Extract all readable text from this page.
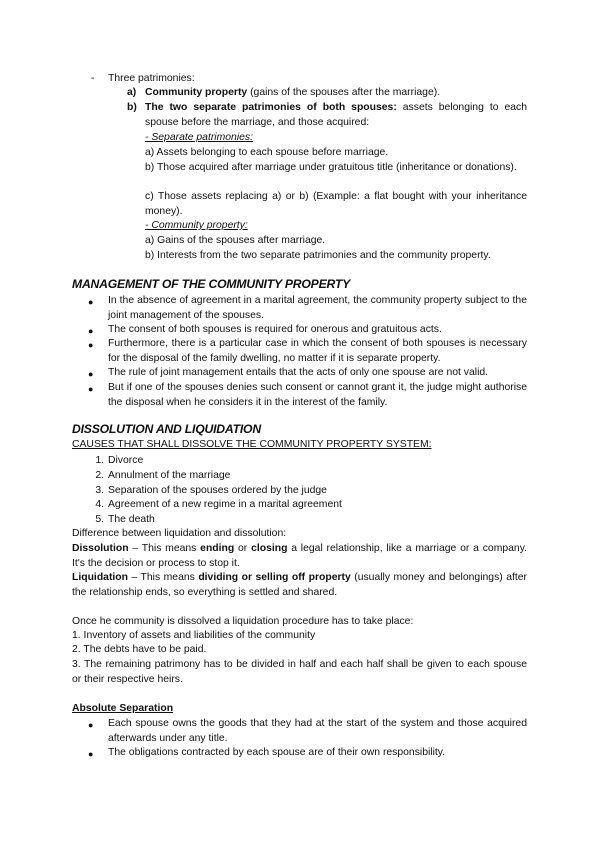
- Three patrimonies:
a) Community property (gains of the spouses after the marriage).
b) The two separate patrimonies of both spouses: assets belonging to each spouse before the marriage, and those acquired:
- Separate patrimonies:
a) Assets belonging to each spouse before marriage.
b) Those acquired after marriage under gratuitous title (inheritance or donations).
c) Those assets replacing a) or b) (Example: a flat bought with your inheritance money).
- Community property:
a) Gains of the spouses after marriage.
b) Interests from the two separate patrimonies and the community property.
MANAGEMENT OF THE COMMUNITY PROPERTY
● In the absence of agreement in a marital agreement, the community property subject to the joint management of the spouses.
● The consent of both spouses is required for onerous and gratuitous acts.
● Furthermore, there is a particular case in which the consent of both spouses is necessary for the disposal of the family dwelling, no matter if it is separate property.
● The rule of joint management entails that the acts of only one spouse are not valid.
● But if one of the spouses denies such consent or cannot grant it, the judge might authorise the disposal when he considers it in the interest of the family.
DISSOLUTION AND LIQUIDATION
CAUSES THAT SHALL DISSOLVE THE COMMUNITY PROPERTY SYSTEM:
1. Divorce
2. Annulment of the marriage
3. Separation of the spouses ordered by the judge
4. Agreement of a new regime in a marital agreement
5. The death
Difference between liquidation and dissolution:
Dissolution – This means ending or closing a legal relationship, like a marriage or a company. It's the decision or process to stop it.
Liquidation – This means dividing or selling off property (usually money and belongings) after the relationship ends, so everything is settled and shared.
Once he community is dissolved a liquidation procedure has to take place:
1. Inventory of assets and liabilities of the community
2. The debts have to be paid.
3. The remaining patrimony has to be divided in half and each half shall be given to each spouse or their respective heirs.
Absolute Separation
● Each spouse owns the goods that they had at the start of the system and those acquired afterwards under any title.
● The obligations contracted by each spouse are of their own responsibility.
